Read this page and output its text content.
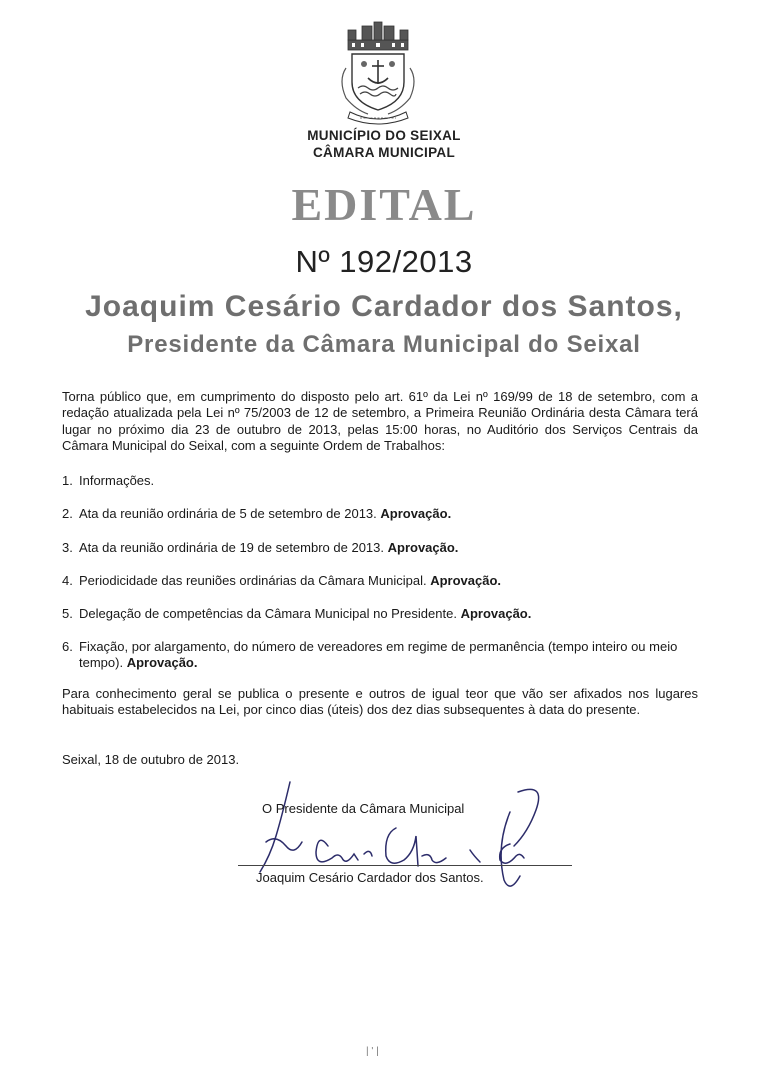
MUNICÍPIO DO SEIXAL
CÂMARA MUNICIPAL
EDITAL
Nº 192/2013
Joaquim Cesário Cardador dos Santos,
Presidente da Câmara Municipal do Seixal
Torna público que, em cumprimento do disposto pelo art. 61º da Lei nº 169/99 de 18 de setembro, com a redação atualizada pela Lei nº 75/2003 de 12 de setembro, a Primeira Reunião Ordinária desta Câmara terá lugar no próximo dia 23 de outubro de 2013, pelas 15:00 horas, no Auditório dos Serviços Centrais da Câmara Municipal do Seixal, com a seguinte Ordem de Trabalhos:
1. Informações.
2. Ata da reunião ordinária de 5 de setembro de 2013. Aprovação.
3. Ata da reunião ordinária de 19 de setembro de 2013. Aprovação.
4. Periodicidade das reuniões ordinárias da Câmara Municipal. Aprovação.
5. Delegação de competências da Câmara Municipal no Presidente. Aprovação.
6. Fixação, por alargamento, do número de vereadores em regime de permanência (tempo inteiro ou meio tempo). Aprovação.
Para conhecimento geral se publica o presente e outros de igual teor que vão ser afixados nos lugares habituais estabelecidos na Lei, por cinco dias (úteis) dos dez dias subsequentes à data do presente.
Seixal, 18 de outubro de 2013.
O Presidente da Câmara Municipal
Joaquim Cesário Cardador dos Santos.
| ' |
